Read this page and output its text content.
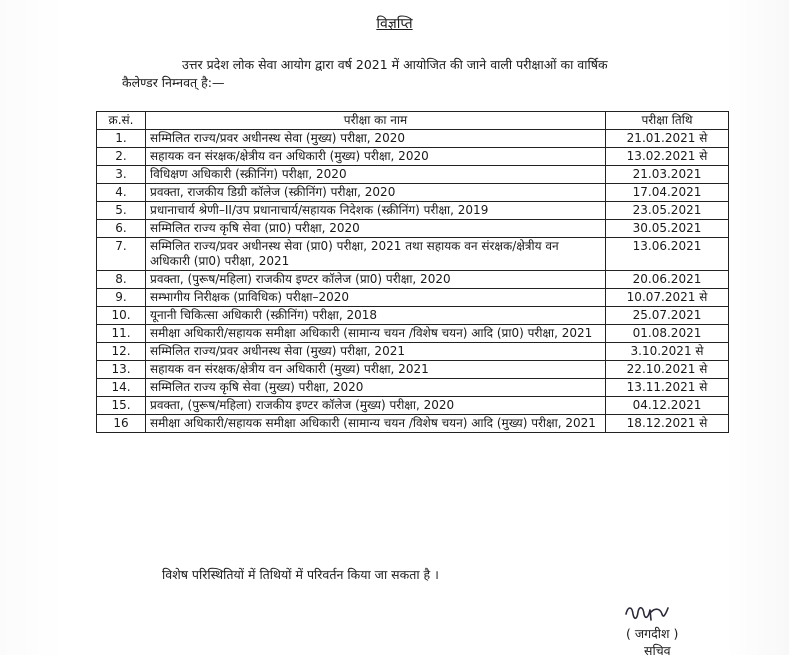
विज्ञप्ति
उत्तर प्रदेश लोक सेवा आयोग द्वारा वर्ष 2021 में आयोजित की जाने वाली परीक्षाओं का वार्षिक
कैलेण्डर निम्नवत् है:—
क्र.सं.	परीक्षा का नाम	परीक्षा तिथि
1.	सम्मिलित राज्य/प्रवर अधीनस्थ सेवा (मुख्य) परीक्षा, 2020	21.01.2021 से
2.	सहायक वन संरक्षक/क्षेत्रीय वन अधिकारी (मुख्य) परीक्षा, 2020	13.02.2021 से
3.	विधिक्षण अधिकारी (स्क्रीनिंग) परीक्षा, 2020	21.03.2021
4.	प्रवक्ता, राजकीय डिग्री कॉलेज (स्क्रीनिंग) परीक्षा, 2020	17.04.2021
5.	प्रधानाचार्य श्रेणी–II/उप प्रधानाचार्य/सहायक निदेशक (स्क्रीनिंग) परीक्षा, 2019	23.05.2021
6.	सम्मिलित राज्य कृषि सेवा (प्रा0) परीक्षा, 2020	30.05.2021
7.	सम्मिलित राज्य/प्रवर अधीनस्थ सेवा (प्रा0) परीक्षा, 2021 तथा सहायक वन संरक्षक/क्षेत्रीय वन अधिकारी (प्रा0) परीक्षा, 2021	13.06.2021
8.	प्रवक्ता, (पुरूष/महिला) राजकीय इण्टर कॉलेज (प्रा0) परीक्षा, 2020	20.06.2021
9.	सम्भागीय निरीक्षक (प्राविधिक) परीक्षा–2020	10.07.2021 से
10.	यूनानी चिकित्सा अधिकारी (स्क्रीनिंग) परीक्षा, 2018	25.07.2021
11.	समीक्षा अधिकारी/सहायक समीक्षा अधिकारी (सामान्य चयन /विशेष चयन) आदि (प्रा0) परीक्षा, 2021	01.08.2021
12.	सम्मिलित राज्य/प्रवर अधीनस्थ सेवा (मुख्य) परीक्षा, 2021	3.10.2021 से
13.	सहायक वन संरक्षक/क्षेत्रीय वन अधिकारी (मुख्य) परीक्षा, 2021	22.10.2021 से
14.	सम्मिलित राज्य कृषि सेवा (मुख्य) परीक्षा, 2020	13.11.2021 से
15.	प्रवक्ता, (पुरूष/महिला) राजकीय इण्टर कॉलेज (मुख्य) परीक्षा, 2020	04.12.2021
16	समीक्षा अधिकारी/सहायक समीक्षा अधिकारी (सामान्य चयन /विशेष चयन) आदि (मुख्य) परीक्षा, 2021	18.12.2021 से
विशेष परिस्थितियों में तिथियों में परिवर्तन किया जा सकता है ।
( जगदीश )
सचिव
